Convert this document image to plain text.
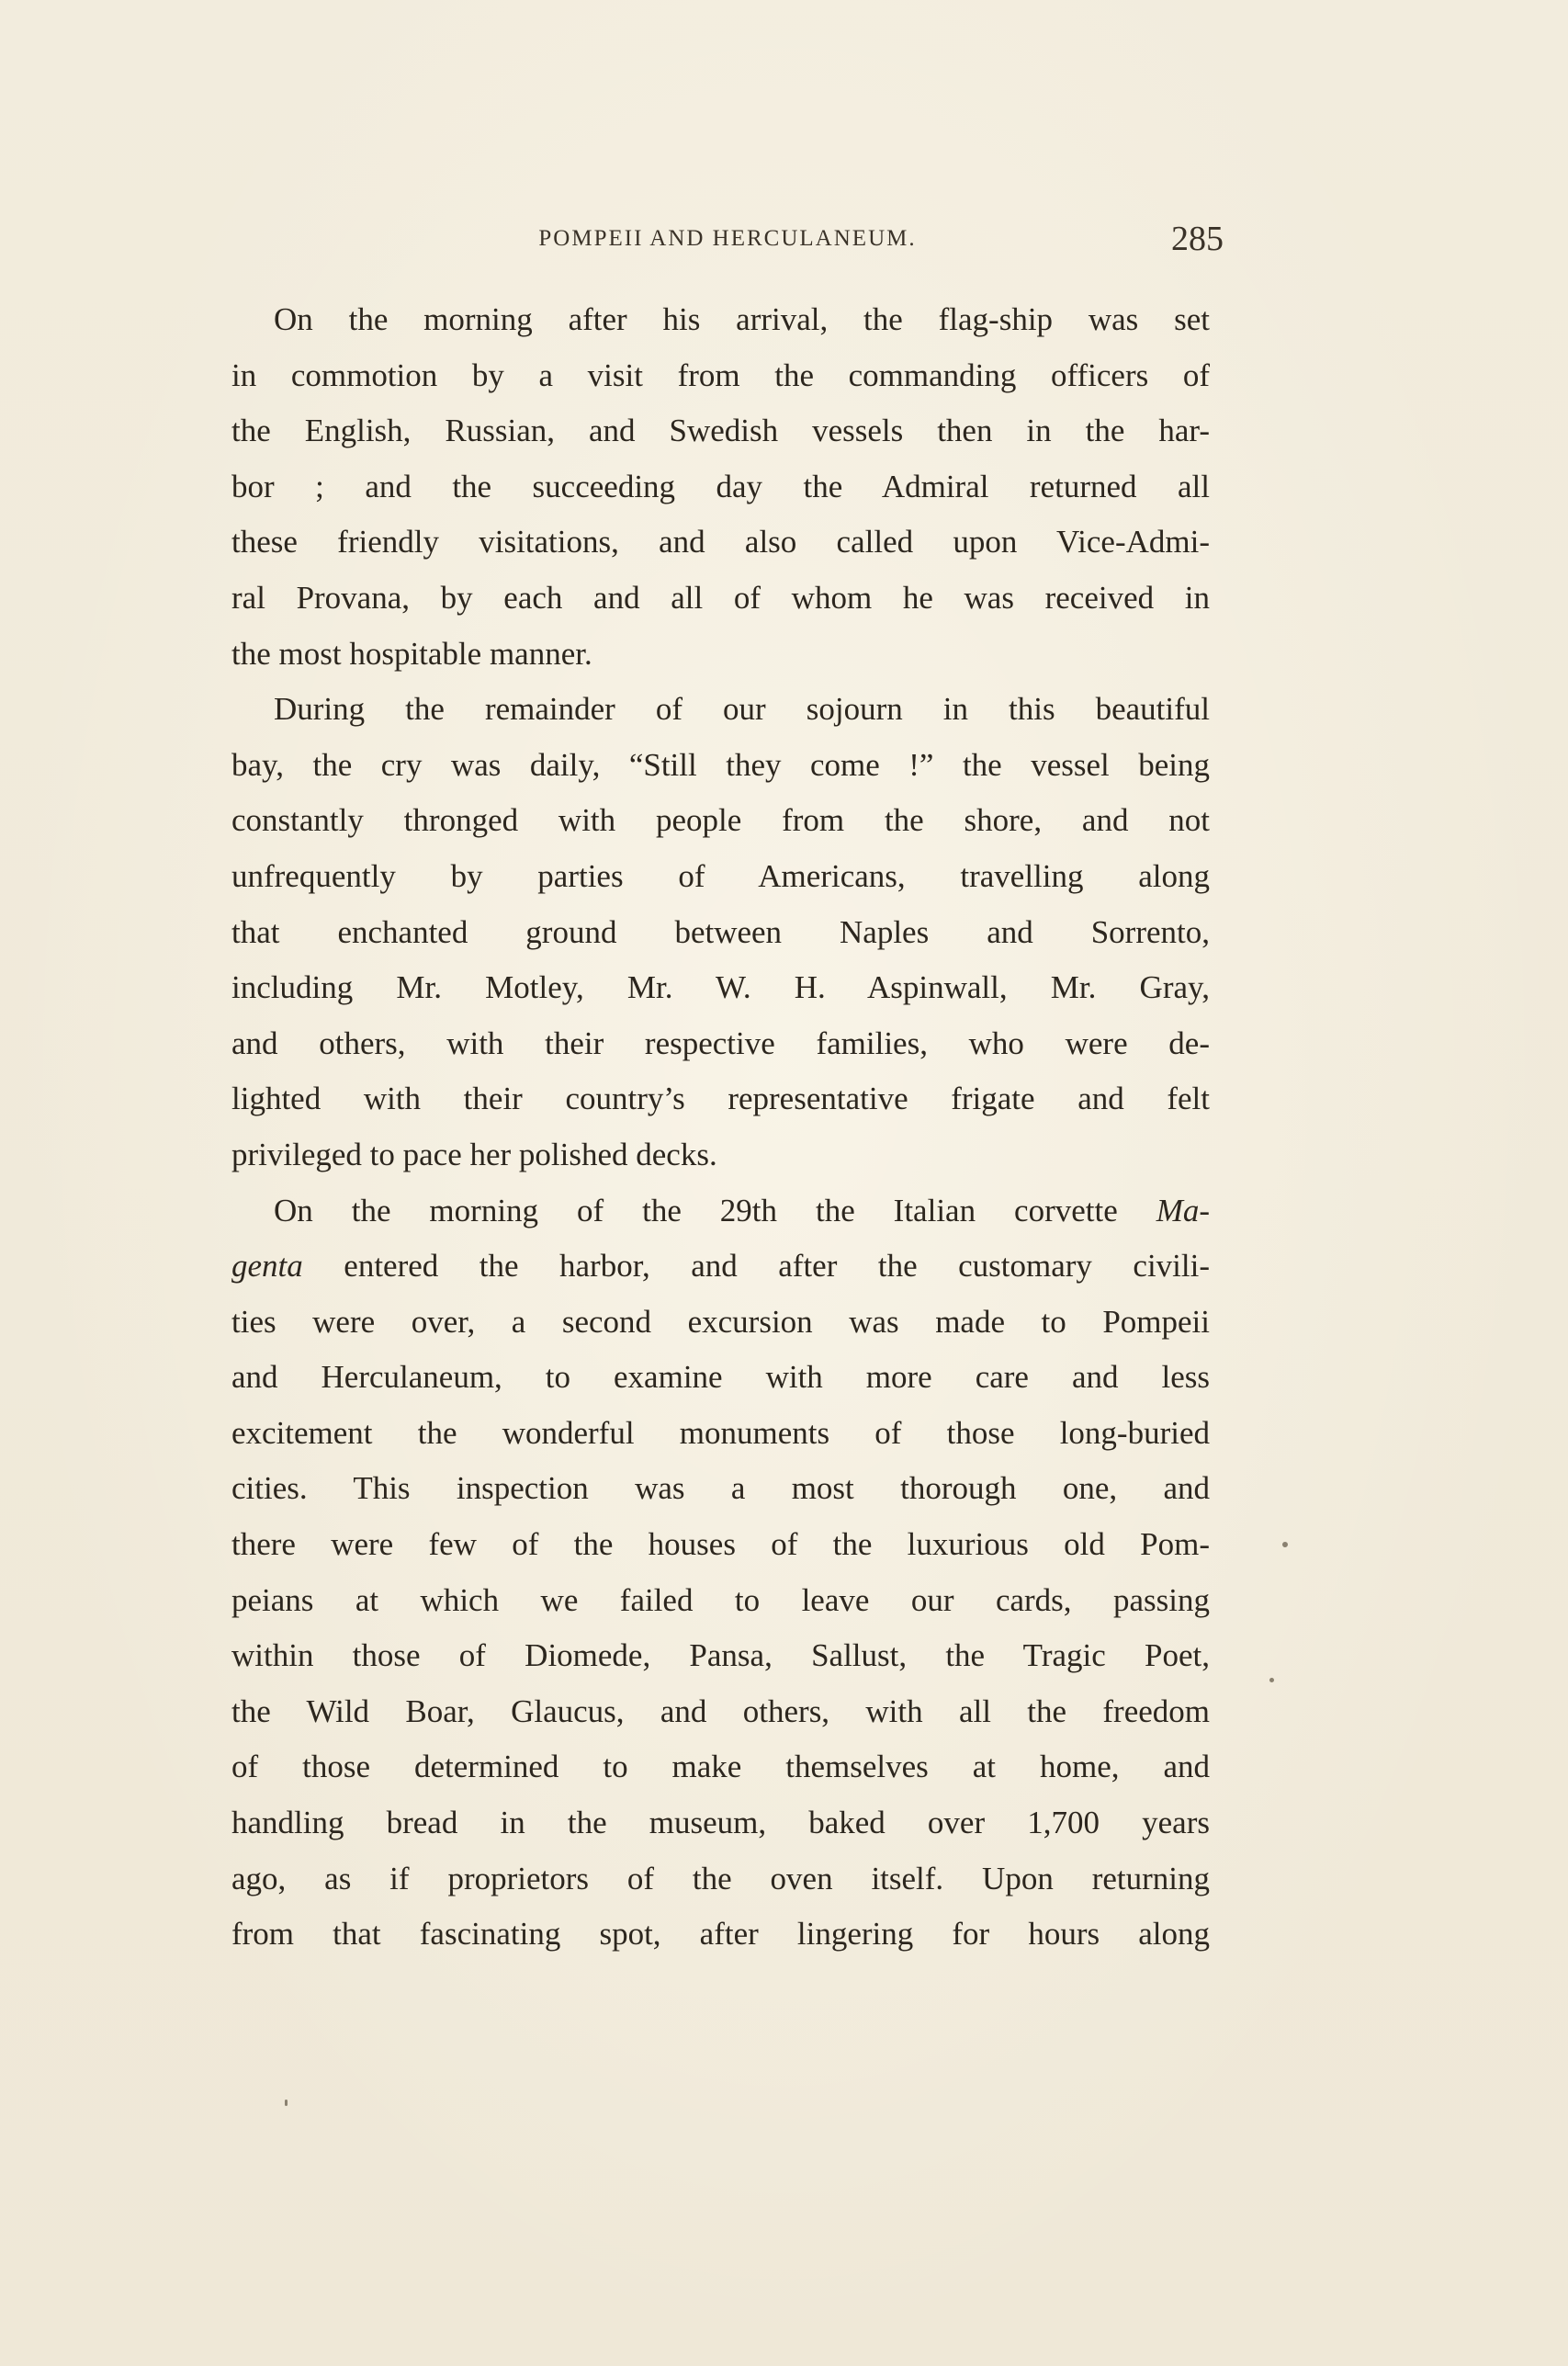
POMPEII AND HERCULANEUM.	285
On the morning after his arrival, the flag-ship was set
in commotion by a visit from the commanding officers of
the English, Russian, and Swedish vessels then in the har-
bor ; and the succeeding day the Admiral returned all
these friendly visitations, and also called upon Vice-Admi-
ral Provana, by each and all of whom he was received in
the most hospitable manner.
During the remainder of our sojourn in this beautiful
bay, the cry was daily, “Still they come !” the vessel being
constantly thronged with people from the shore, and not
unfrequently by parties of Americans, travelling along
that enchanted ground between Naples and Sorrento,
including Mr. Motley, Mr. W. H. Aspinwall, Mr. Gray,
and others, with their respective families, who were de-
lighted with their country’s representative frigate and felt
privileged to pace her polished decks.
On the morning of the 29th the Italian corvette Ma-
genta entered the harbor, and after the customary civili-
ties were over, a second excursion was made to Pompeii
and Herculaneum, to examine with more care and less
excitement the wonderful monuments of those long-buried
cities. This inspection was a most thorough one, and
there were few of the houses of the luxurious old Pom-
peians at which we failed to leave our cards, passing
within those of Diomede, Pansa, Sallust, the Tragic Poet,
the Wild Boar, Glaucus, and others, with all the freedom
of those determined to make themselves at home, and
handling bread in the museum, baked over 1,700 years
ago, as if proprietors of the oven itself. Upon returning
from that fascinating spot, after lingering for hours along
